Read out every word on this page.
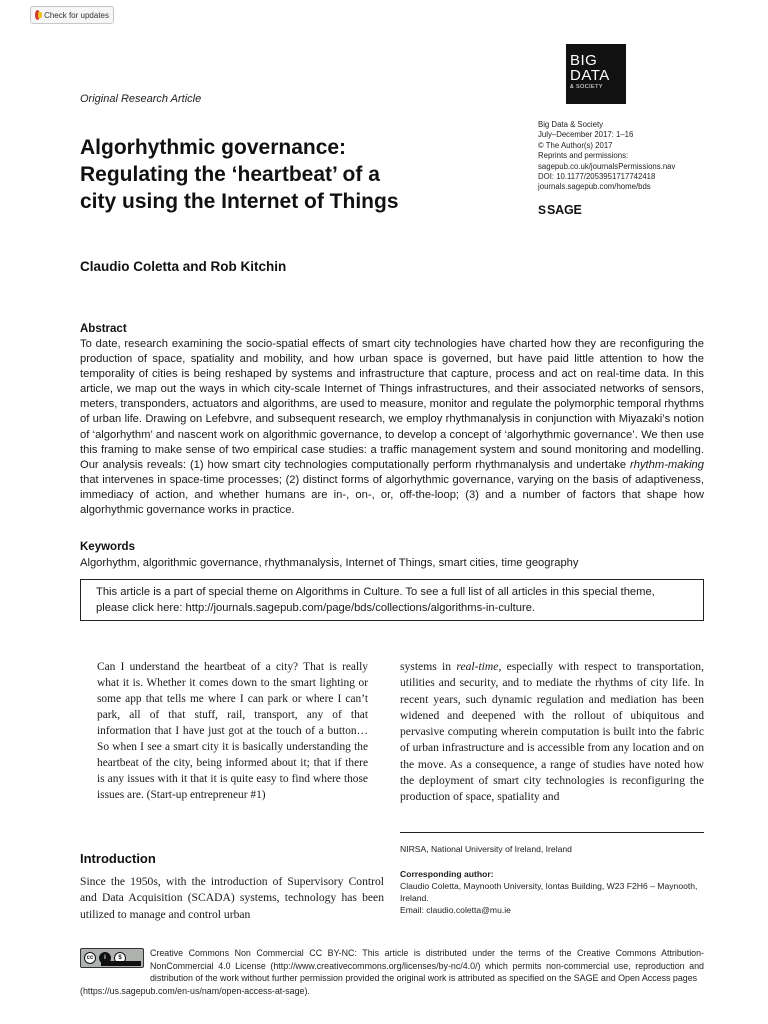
Check for updates
BIG
DATA
& SOCIETY
Original Research Article
Big Data & Society
July–December 2017: 1–16
© The Author(s) 2017
Reprints and permissions:
sagepub.co.uk/journalsPermissions.nav
DOI: 10.1177/2053951717742418
journals.sagepub.com/home/bds
S SAGE
Algorhythmic governance:
Regulating the ‘heartbeat’ of a
city using the Internet of Things
Claudio Coletta and Rob Kitchin
Abstract

To date, research examining the socio-spatial effects of smart city technologies have charted how they are reconfiguring the production of space, spatiality and mobility, and how urban space is governed, but have paid little attention to how the temporality of cities is being reshaped by systems and infrastructure that capture, process and act on real-time data. In this article, we map out the ways in which city-scale Internet of Things infrastructures, and their associated networks of sensors, meters, transponders, actuators and algorithms, are used to measure, monitor and regulate the polymorphic temporal rhythms of urban life. Drawing on Lefebvre, and subsequent research, we employ rhythmanalysis in conjunction with Miyazaki’s notion of ‘algorhythm’ and nascent work on algorithmic governance, to develop a concept of ‘algorhythmic governance’. We then use this framing to make sense of two empirical case studies: a traffic management system and sound monitoring and modelling. Our analysis reveals: (1) how smart city technologies computationally perform rhythmanalysis and undertake rhythm-making that intervenes in space-time processes; (2) distinct forms of algorhythmic governance, varying on the basis of adaptiveness, immediacy of action, and whether humans are in-, on-, or, off-the-loop; (3) and a number of factors that shape how algorhythmic governance works in practice.

Keywords

Algorhythm, algorithmic governance, rhythmanalysis, Internet of Things, smart cities, time geography

This article is a part of special theme on Algorithms in Culture. To see a full list of all articles in this special theme, please click here: http://journals.sagepub.com/page/bds/collections/algorithms-in-culture.

Can I understand the heartbeat of a city? That is really what it is. Whether it comes down to the smart lighting or some app that tells me where I can park or where I can’t park, all of that stuff, rail, transport, any of that information that I have just got at the touch of a button… So when I see a smart city it is basically understanding the heartbeat of the city, being informed about it; that if there is any issues with it that it is quite easy to find where those issues are. (Start-up entrepreneur #1)

systems in real-time, especially with respect to transportation, utilities and security, and to mediate the rhythms of city life. In recent years, such dynamic regulation and mediation has been widened and deepened with the rollout of ubiquitous and pervasive computing wherein computation is built into the fabric of urban infrastructure and is accessible from any location and on the move. As a consequence, a range of studies have noted how the deployment of smart city technologies is reconfiguring the production of space, spatiality and

NIRSA, National University of Ireland, Ireland
Corresponding author:
Claudio Coletta, Maynooth University, Iontas Building, W23 F2H6 – Maynooth, Ireland.
Email: claudio.coletta@mu.ie
Introduction

Since the 1950s, with the introduction of Supervisory Control and Data Acquisition (SCADA) systems, technology has been utilized to manage and control urban

cc	i	$	Creative Commons Non Commercial CC BY-NC: This article is distributed under the terms of the Creative Commons Attribution-NonCommercial 4.0 License (http://www.creativecommons.org/licenses/by-nc/4.0/) which permits non-commercial use, reproduction and distribution of the work without further permission provided the original work is attributed as specified on the SAGE and Open Access pages

(https://us.sagepub.com/en-us/nam/open-access-at-sage).
